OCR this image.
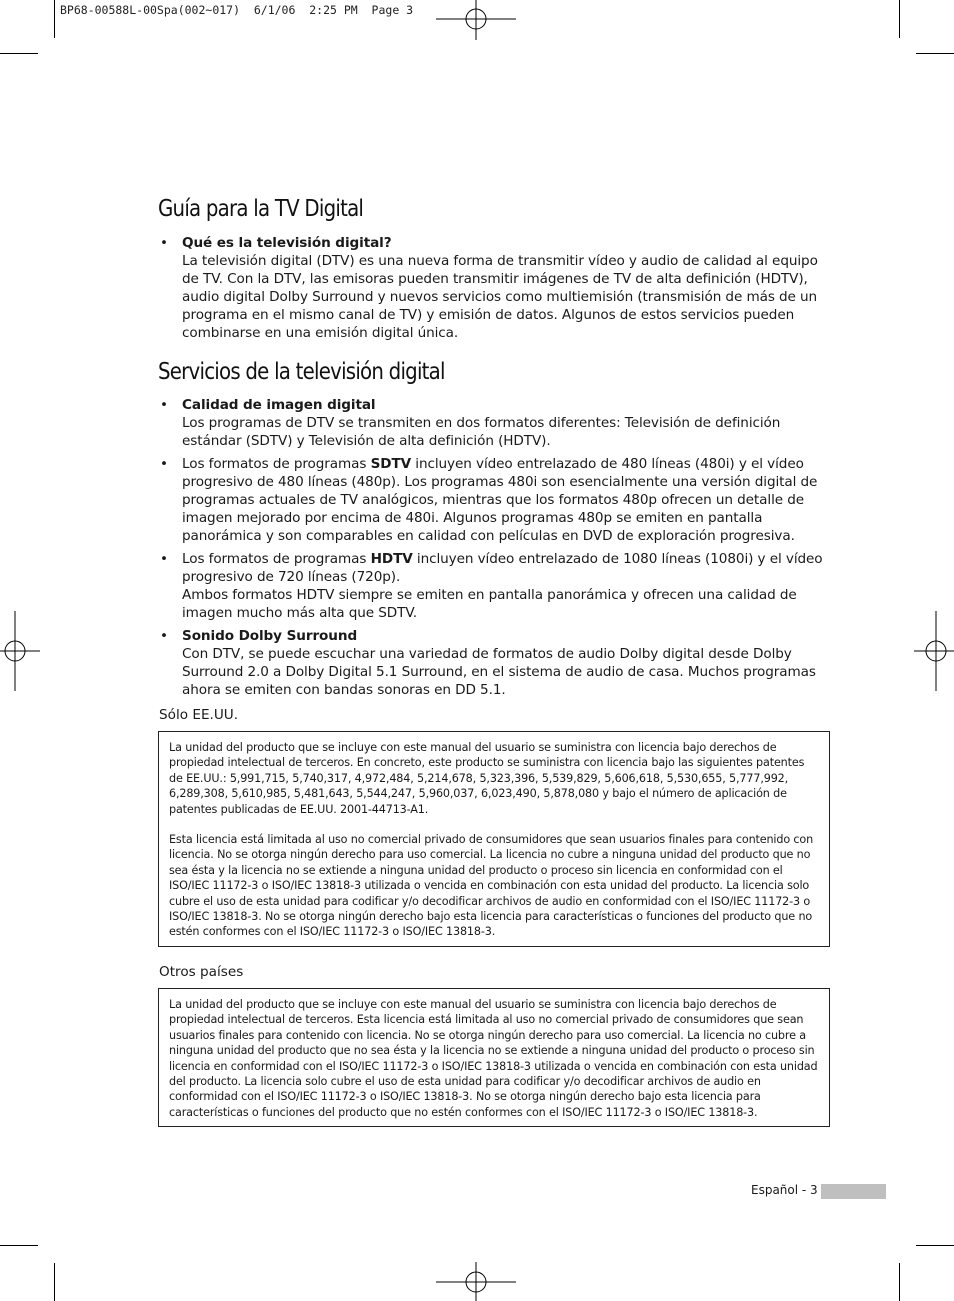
BP68-00588L-00Spa(002~017)  6/1/06  2:25 PM  Page 3
Guía para la TV Digital
• Qué es la televisión digital?
La televisión digital (DTV) es una nueva forma de transmitir vídeo y audio de calidad al equipo de TV. Con la DTV, las emisoras pueden transmitir imágenes de TV de alta definición (HDTV), audio digital Dolby Surround y nuevos servicios como multiemisión (transmisión de más de un programa en el mismo canal de TV) y emisión de datos. Algunos de estos servicios pueden combinarse en una emisión digital única.
Servicios de la televisión digital
• Calidad de imagen digital
Los programas de DTV se transmiten en dos formatos diferentes: Televisión de definición estándar (SDTV) y Televisión de alta definición (HDTV).
• Los formatos de programas SDTV incluyen vídeo entrelazado de 480 líneas (480i) y el vídeo progresivo de 480 líneas (480p). Los programas 480i son esencialmente una versión digital de programas actuales de TV analógicos, mientras que los formatos 480p ofrecen un detalle de imagen mejorado por encima de 480i. Algunos programas 480p se emiten en pantalla panorámica y son comparables en calidad con películas en DVD de exploración progresiva.
• Los formatos de programas HDTV incluyen vídeo entrelazado de 1080 líneas (1080i) y el vídeo progresivo de 720 líneas (720p).
Ambos formatos HDTV siempre se emiten en pantalla panorámica y ofrecen una calidad de imagen mucho más alta que SDTV.
• Sonido Dolby Surround
Con DTV, se puede escuchar una variedad de formatos de audio Dolby digital desde Dolby Surround 2.0 a Dolby Digital 5.1 Surround, en el sistema de audio de casa. Muchos programas ahora se emiten con bandas sonoras en DD 5.1.
Sólo EE.UU.

La unidad del producto que se incluye con este manual del usuario se suministra con licencia bajo derechos de propiedad intelectual de terceros. En concreto, este producto se suministra con licencia bajo las siguientes patentes de EE.UU.: 5,991,715, 5,740,317, 4,972,484, 5,214,678, 5,323,396, 5,539,829, 5,606,618, 5,530,655, 5,777,992, 6,289,308, 5,610,985, 5,481,643, 5,544,247, 5,960,037, 6,023,490, 5,878,080 y bajo el número de aplicación de patentes publicadas de EE.UU. 2001-44713-A1.

Esta licencia está limitada al uso no comercial privado de consumidores que sean usuarios finales para contenido con licencia. No se otorga ningún derecho para uso comercial. La licencia no cubre a ninguna unidad del producto que no sea ésta y la licencia no se extiende a ninguna unidad del producto o proceso sin licencia en conformidad con el ISO/IEC 11172-3 o ISO/IEC 13818-3 utilizada o vencida en combinación con esta unidad del producto. La licencia solo cubre el uso de esta unidad para codificar y/o decodificar archivos de audio en conformidad con el ISO/IEC 11172-3 o ISO/IEC 13818-3. No se otorga ningún derecho bajo esta licencia para características o funciones del producto que no estén conformes con el ISO/IEC 11172-3 o ISO/IEC 13818-3.

Otros países

La unidad del producto que se incluye con este manual del usuario se suministra con licencia bajo derechos de propiedad intelectual de terceros. Esta licencia está limitada al uso no comercial privado de consumidores que sean usuarios finales para contenido con licencia. No se otorga ningún derecho para uso comercial. La licencia no cubre a ninguna unidad del producto que no sea ésta y la licencia no se extiende a ninguna unidad del producto o proceso sin licencia en conformidad con el ISO/IEC 11172-3 o ISO/IEC 13818-3 utilizada o vencida en combinación con esta unidad del producto. La licencia solo cubre el uso de esta unidad para codificar y/o decodificar archivos de audio en conformidad con el ISO/IEC 11172-3 o ISO/IEC 13818-3. No se otorga ningún derecho bajo esta licencia para características o funciones del producto que no estén conformes con el ISO/IEC 11172-3 o ISO/IEC 13818-3.

Español - 3
